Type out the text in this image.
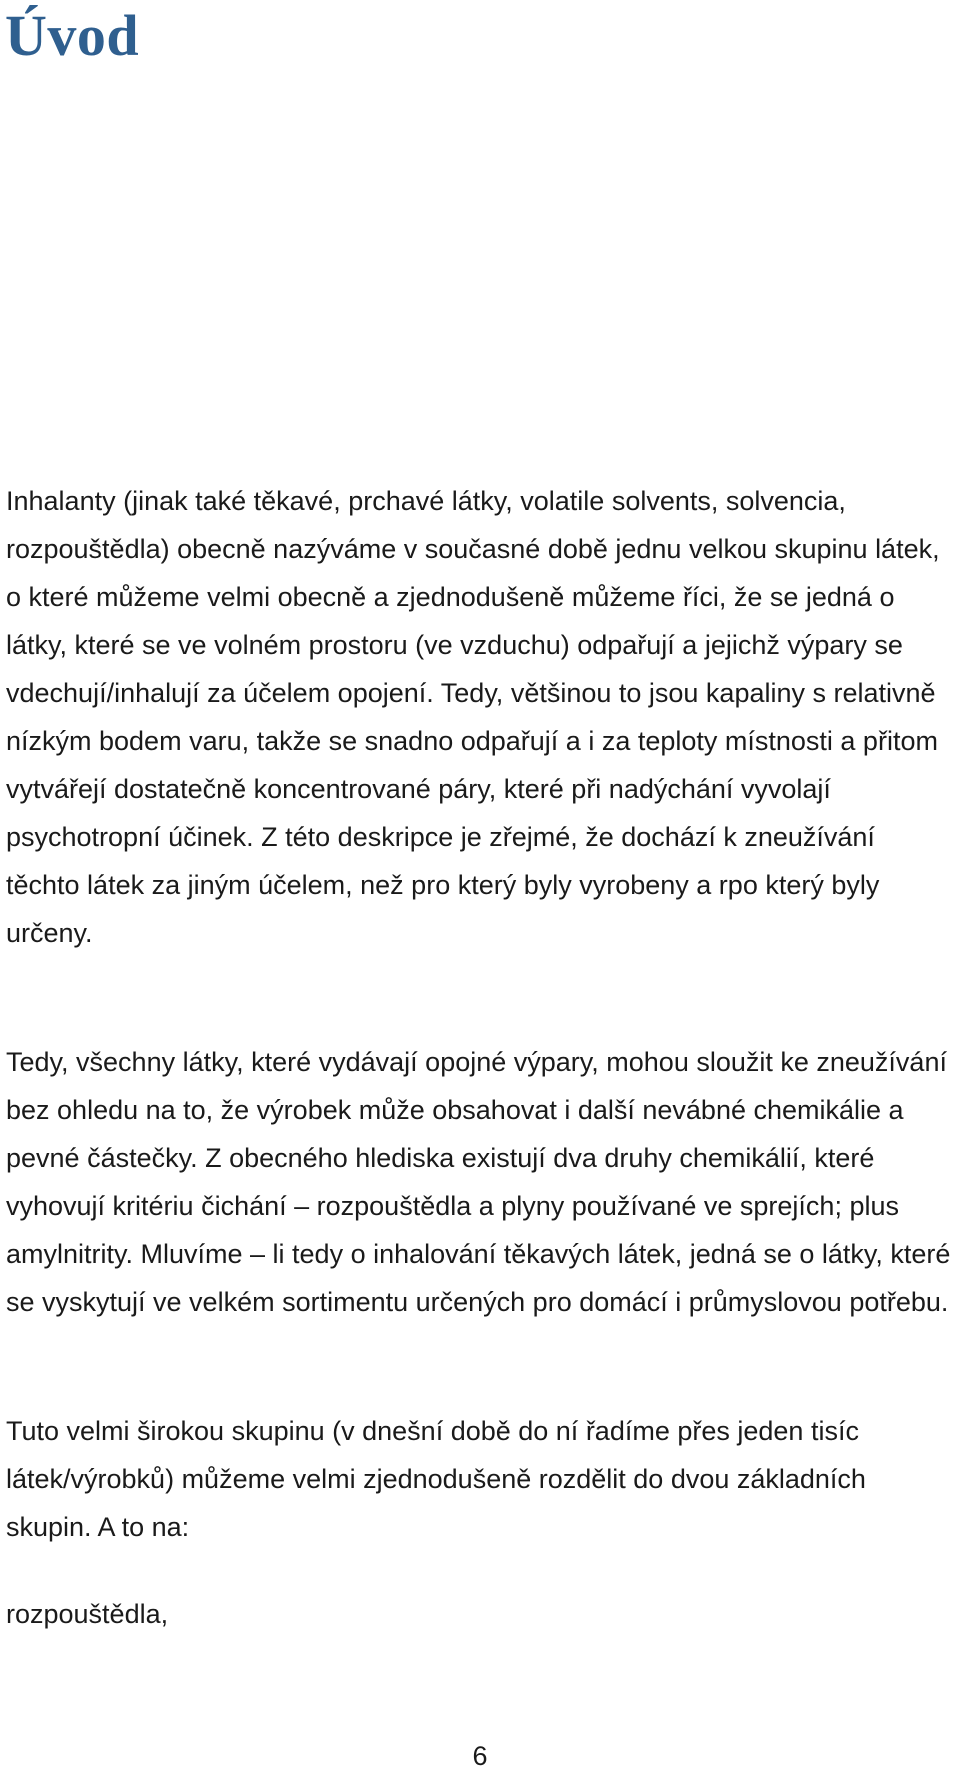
Úvod

Inhalanty (jinak také těkavé, prchavé látky, volatile solvents, solvencia, rozpouštědla) obecně nazýváme v současné době jednu velkou skupinu látek, o které můžeme velmi obecně a zjednodušeně můžeme říci, že se jedná o látky, které se ve volném prostoru (ve vzduchu) odpařují a jejichž výpary se vdechují/inhalují za účelem opojení. Tedy, většinou to jsou kapaliny s relativně nízkým bodem varu, takže se snadno odpařují a i za teploty místnosti a přitom vytvářejí dostatečně koncentrované páry, které při nadýchání vyvolají psychotropní účinek. Z této deskripce je zřejmé, že dochází k zneužívání těchto látek za jiným účelem, než pro který byly vyrobeny a rpo který byly určeny.

Tedy, všechny látky, které vydávají opojné výpary, mohou sloužit ke zneužívání bez ohledu na to, že výrobek může obsahovat i další nevábné chemikálie a pevné částečky. Z obecného hlediska existují dva druhy chemikálií, které vyhovují kritériu čichání – rozpouštědla a plyny používané ve sprejích; plus amylnitrity. Mluvíme – li tedy o inhalování těkavých látek, jedná se o látky, které se vyskytují ve velkém sortimentu určených pro domácí i průmyslovou potřebu.

Tuto velmi širokou skupinu (v dnešní době do ní řadíme přes jeden tisíc látek/výrobků) můžeme velmi zjednodušeně rozdělit do dvou základních skupin. A to na:

rozpouštědla,

6
